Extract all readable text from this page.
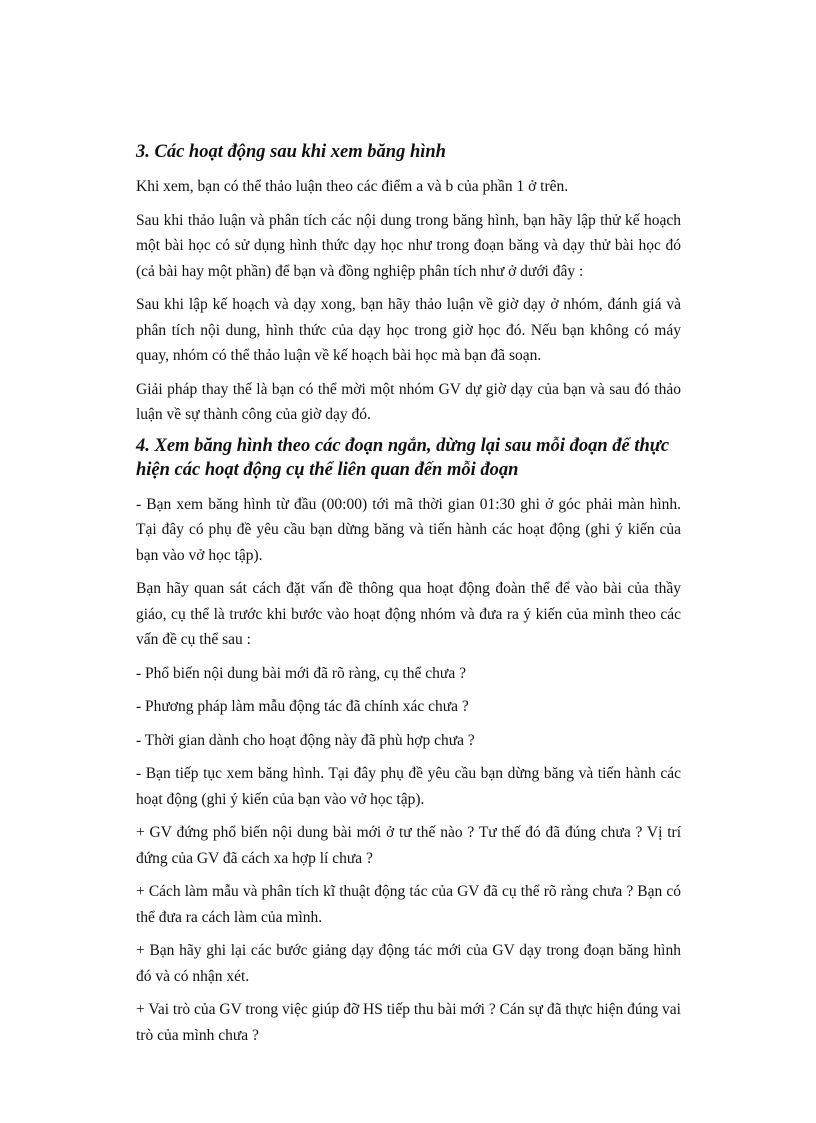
3. Các hoạt động sau khi xem băng hình

Khi xem, bạn có thể thảo luận theo các điểm a và b của phần 1 ở trên.

Sau khi thảo luận và phân tích các nội dung trong băng hình, bạn hãy lập thử kế hoạch một bài học có sử dụng hình thức dạy học như trong đoạn băng và dạy thử bài học đó (cả bài hay một phần) để bạn và đồng nghiệp phân tích như ở dưới đây :

Sau khi lập kế hoạch và dạy xong, bạn hãy thảo luận về giờ dạy ở nhóm, đánh giá và phân tích nội dung, hình thức của dạy học trong giờ học đó. Nếu bạn không có máy quay, nhóm có thể thảo luận về kế hoạch bài học mà bạn đã soạn.

Giải pháp thay thế là bạn có thể mời một nhóm GV dự giờ dạy của bạn và sau đó thảo luận về sự thành công của giờ dạy đó.

4. Xem băng hình theo các đoạn ngắn, dừng lại sau mỗi đoạn để thực hiện các hoạt động cụ thể liên quan đến mỗi đoạn

- Bạn xem băng hình từ đầu (00:00) tới mã thời gian 01:30 ghi ở góc phải màn hình. Tại đây có phụ đề yêu cầu bạn dừng băng và tiến hành các hoạt động (ghi ý kiến của bạn vào vở học tập).

Bạn hãy quan sát cách đặt vấn đề thông qua hoạt động đoàn thể để vào bài của thầy giáo, cụ thể là trước khi bước vào hoạt động nhóm và đưa ra ý kiến của mình theo các vấn đề cụ thể sau :

- Phổ biến nội dung bài mới đã rõ ràng, cụ thể chưa ?

- Phương pháp làm mẫu động tác đã chính xác chưa ?

- Thời gian dành cho hoạt động này đã phù hợp chưa ?

- Bạn tiếp tục xem băng hình. Tại đây phụ đề yêu cầu bạn dừng băng và tiến hành các hoạt động (ghi ý kiến của bạn vào vở học tập).

+ GV đứng phổ biến nội dung bài mới ở tư thế nào ? Tư thế đó đã đúng chưa ? Vị trí đứng của GV đã cách xa hợp lí chưa ?

+ Cách làm mẫu và phân tích kĩ thuật động tác của GV đã cụ thể rõ ràng chưa ? Bạn có thể đưa ra cách làm của mình.

+ Bạn hãy ghi lại các bước giảng dạy động tác mới của GV dạy trong đoạn băng hình đó và có nhận xét.

+ Vai trò của GV trong việc giúp đỡ HS tiếp thu bài mới ? Cán sự đã thực hiện đúng vai trò của mình chưa ?
